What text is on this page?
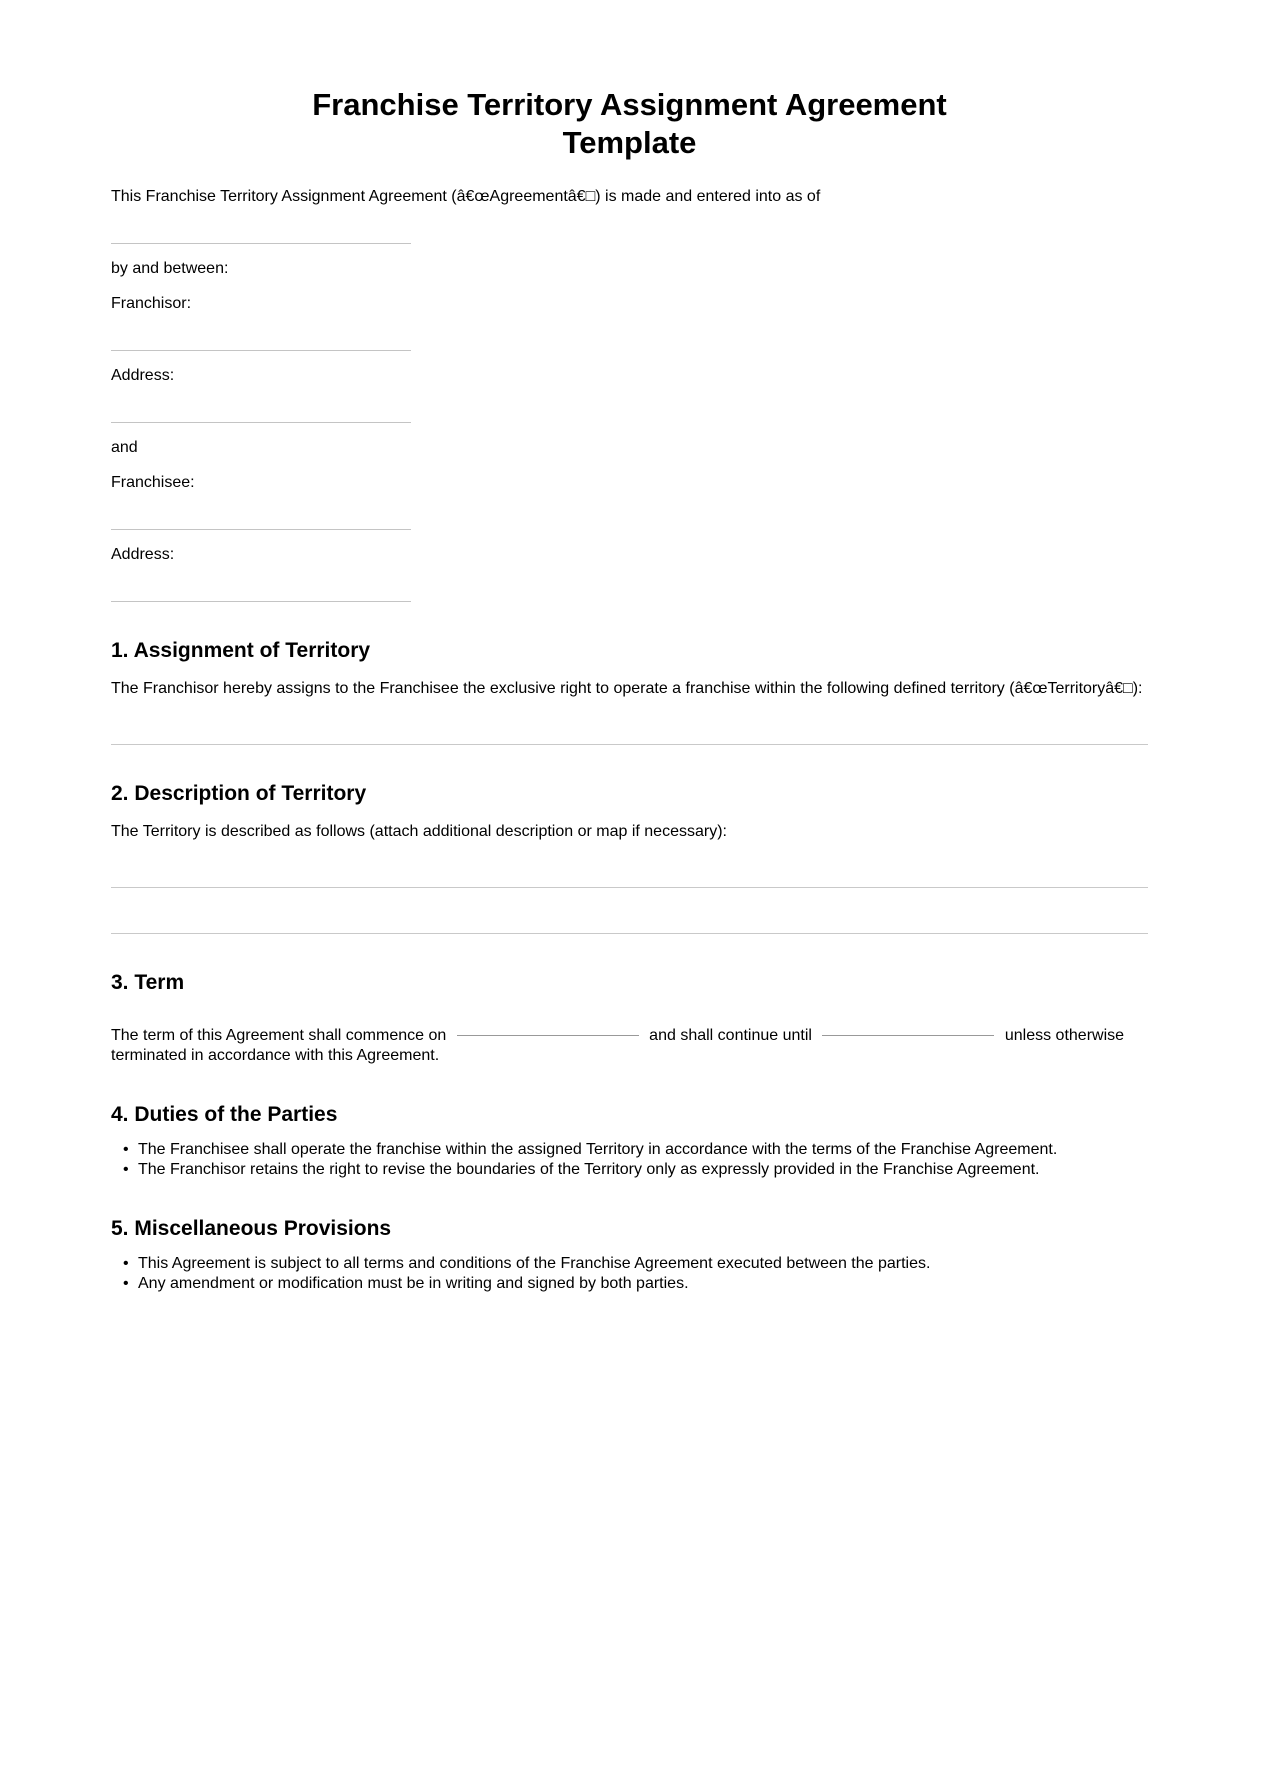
Franchise Territory Assignment Agreement
Template

This Franchise Territory Assignment Agreement (â€œAgreementâ€□) is made and entered into as of

by and between:

Franchisor:

Address:

and

Franchisee:

Address:

1. Assignment of Territory

The Franchisor hereby assigns to the Franchisee the exclusive right to operate a franchise within the following defined territory (â€œTerritoryâ€□):

2. Description of Territory

The Territory is described as follows (attach additional description or map if necessary):

3. Term

The term of this Agreement shall commence on	and shall continue until	unless otherwise terminated in accordance with this Agreement.

4. Duties of the Parties
• The Franchisee shall operate the franchise within the assigned Territory in accordance with the terms of the Franchise Agreement.
• The Franchisor retains the right to revise the boundaries of the Territory only as expressly provided in the Franchise Agreement.
5. Miscellaneous Provisions
• This Agreement is subject to all terms and conditions of the Franchise Agreement executed between the parties.
• Any amendment or modification must be in writing and signed by both parties.
